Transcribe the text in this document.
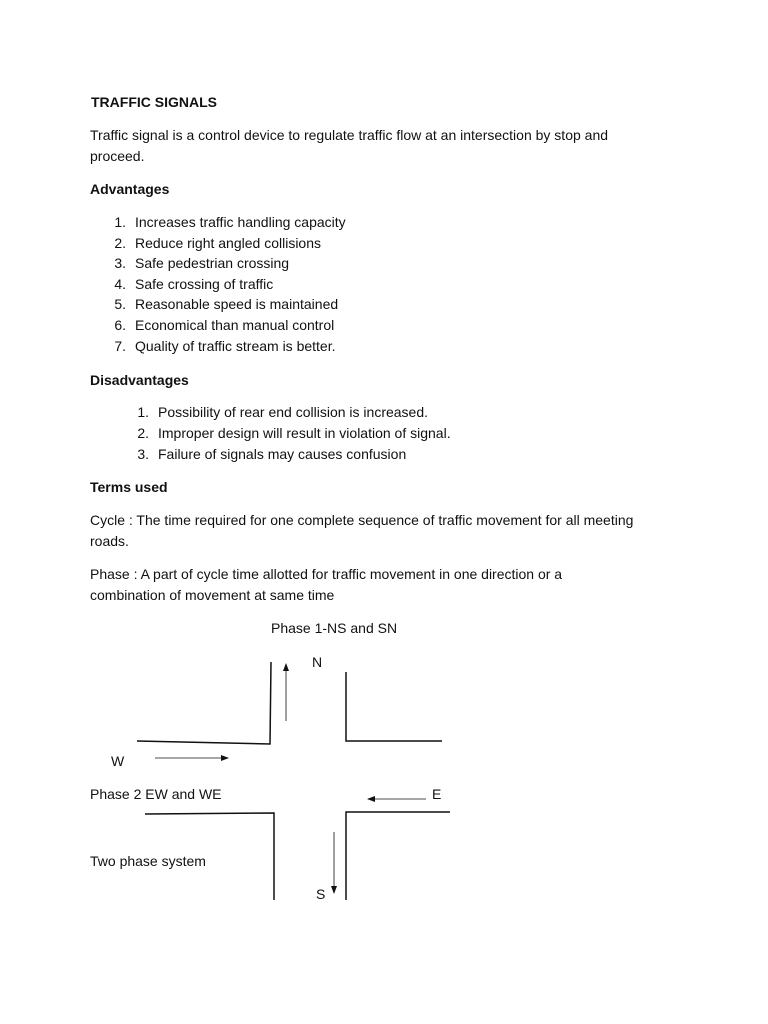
TRAFFIC SIGNALS
Traffic signal is a control device to regulate traffic flow at an intersection by stop and
proceed.
Advantages
1. Increases traffic handling capacity
2. Reduce right angled collisions
3. Safe pedestrian crossing
4. Safe crossing of traffic
5. Reasonable speed is maintained
6. Economical than manual control
7. Quality of traffic stream is better.
Disadvantages
1. Possibility of rear end collision is increased.
2. Improper design will result in violation of signal.
3. Failure of signals may causes confusion
Terms used
Cycle : The time required for one complete sequence of traffic movement for all meeting
roads.
Phase : A part of cycle time allotted for traffic movement in one direction or a
combination of movement at same time
Phase 1-NS and SN
N
W
Phase 2 EW and WE	E
Two phase system
S
